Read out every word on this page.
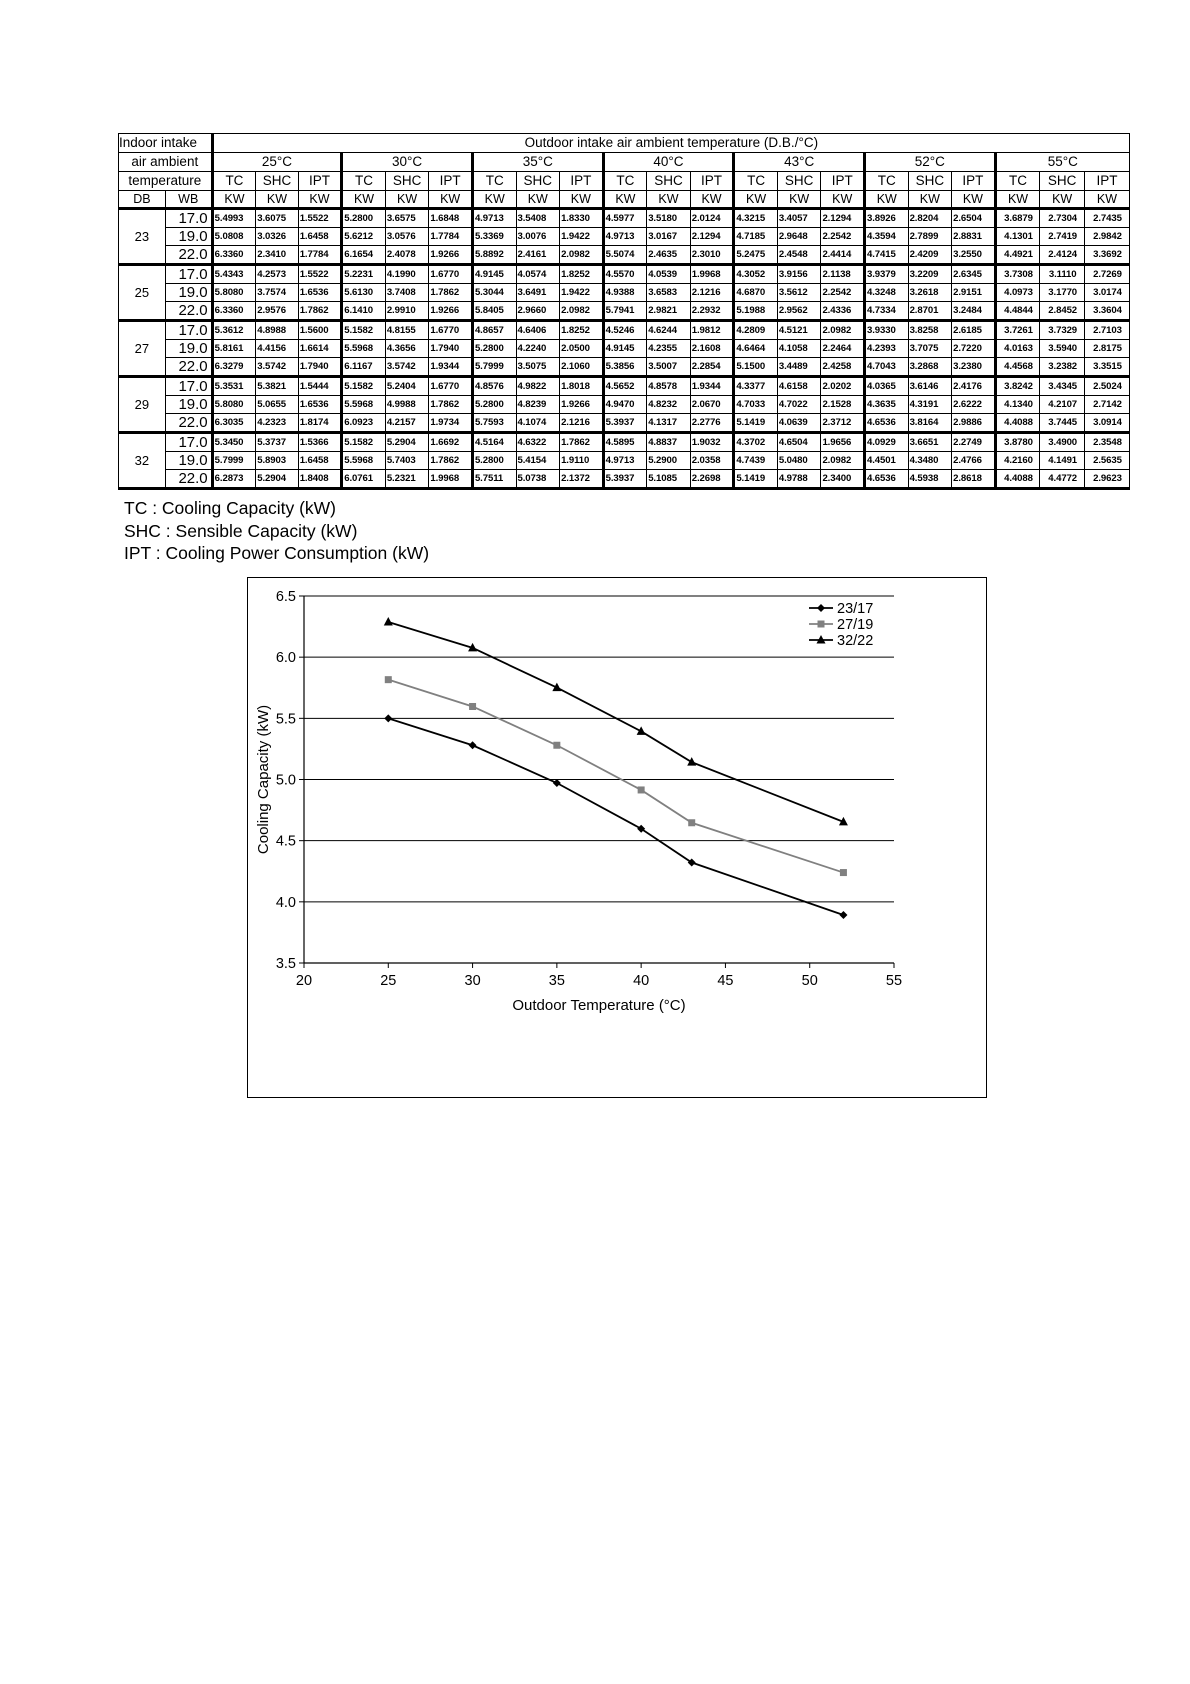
Indoor intake		Outdoor intake air ambient temperature (D.B./°C)																				
air ambient		25°C			30°C			35°C			40°C			43°C			52°C			55°C		
temperature		TC	SHC	IPT	TC	SHC	IPT	TC	SHC	IPT	TC	SHC	IPT	TC	SHC	IPT	TC	SHC	IPT	TC	SHC	IPT
DB	WB	KW	KW	KW	KW	KW	KW	KW	KW	KW	KW	KW	KW	KW	KW	KW	KW	KW	KW	KW	KW	KW
23	17.0	5.4993	3.6075	1.5522	5.2800	3.6575	1.6848	4.9713	3.5408	1.8330	4.5977	3.5180	2.0124	4.3215	3.4057	2.1294	3.8926	2.8204	2.6504	3.6879	2.7304	2.7435
	19.0	5.0808	3.0326	1.6458	5.6212	3.0576	1.7784	5.3369	3.0076	1.9422	4.9713	3.0167	2.1294	4.7185	2.9648	2.2542	4.3594	2.7899	2.8831	4.1301	2.7419	2.9842
	22.0	6.3360	2.3410	1.7784	6.1654	2.4078	1.9266	5.8892	2.4161	2.0982	5.5074	2.4635	2.3010	5.2475	2.4548	2.4414	4.7415	2.4209	3.2550	4.4921	2.4124	3.3692
25	17.0	5.4343	4.2573	1.5522	5.2231	4.1990	1.6770	4.9145	4.0574	1.8252	4.5570	4.0539	1.9968	4.3052	3.9156	2.1138	3.9379	3.2209	2.6345	3.7308	3.1110	2.7269
	19.0	5.8080	3.7574	1.6536	5.6130	3.7408	1.7862	5.3044	3.6491	1.9422	4.9388	3.6583	2.1216	4.6870	3.5612	2.2542	4.3248	3.2618	2.9151	4.0973	3.1770	3.0174
	22.0	6.3360	2.9576	1.7862	6.1410	2.9910	1.9266	5.8405	2.9660	2.0982	5.7941	2.9821	2.2932	5.1988	2.9562	2.4336	4.7334	2.8701	3.2484	4.4844	2.8452	3.3604
27	17.0	5.3612	4.8988	1.5600	5.1582	4.8155	1.6770	4.8657	4.6406	1.8252	4.5246	4.6244	1.9812	4.2809	4.5121	2.0982	3.9330	3.8258	2.6185	3.7261	3.7329	2.7103
	19.0	5.8161	4.4156	1.6614	5.5968	4.3656	1.7940	5.2800	4.2240	2.0500	4.9145	4.2355	2.1608	4.6464	4.1058	2.2464	4.2393	3.7075	2.7220	4.0163	3.5940	2.8175
	22.0	6.3279	3.5742	1.7940	6.1167	3.5742	1.9344	5.7999	3.5075	2.1060	5.3856	3.5007	2.2854	5.1500	3.4489	2.4258	4.7043	3.2868	3.2380	4.4568	3.2382	3.3515
29	17.0	5.3531	5.3821	1.5444	5.1582	5.2404	1.6770	4.8576	4.9822	1.8018	4.5652	4.8578	1.9344	4.3377	4.6158	2.0202	4.0365	3.6146	2.4176	3.8242	3.4345	2.5024
	19.0	5.8080	5.0655	1.6536	5.5968	4.9988	1.7862	5.2800	4.8239	1.9266	4.9470	4.8232	2.0670	4.7033	4.7022	2.1528	4.3635	4.3191	2.6222	4.1340	4.2107	2.7142
	22.0	6.3035	4.2323	1.8174	6.0923	4.2157	1.9734	5.7593	4.1074	2.1216	5.3937	4.1317	2.2776	5.1419	4.0639	2.3712	4.6536	3.8164	2.9886	4.4088	3.7445	3.0914
32	17.0	5.3450	5.3737	1.5366	5.1582	5.2904	1.6692	4.5164	4.6322	1.7862	4.5895	4.8837	1.9032	4.3702	4.6504	1.9656	4.0929	3.6651	2.2749	3.8780	3.4900	2.3548
	19.0	5.7999	5.8903	1.6458	5.5968	5.7403	1.7862	5.2800	5.4154	1.9110	4.9713	5.2900	2.0358	4.7439	5.0480	2.0982	4.4501	4.3480	2.4766	4.2160	4.1491	2.5635
	22.0	6.2873	5.2904	1.8408	6.0761	5.2321	1.9968	5.7511	5.0738	2.1372	5.3937	5.1085	2.2698	5.1419	4.9788	2.3400	4.6536	4.5938	2.8618	4.4088	4.4772	2.9623
TC : Cooling Capacity (kW)
SHC : Sensible Capacity (kW)
IPT : Cooling Power Consumption (kW)
3.5
4.0
4.5
5.0
5.5
6.0
6.5
20	25	30	35	40	45	50	55
Outdoor Temperature (°C)
Cooling Capacity (kW)
23/17
27/19
32/22
